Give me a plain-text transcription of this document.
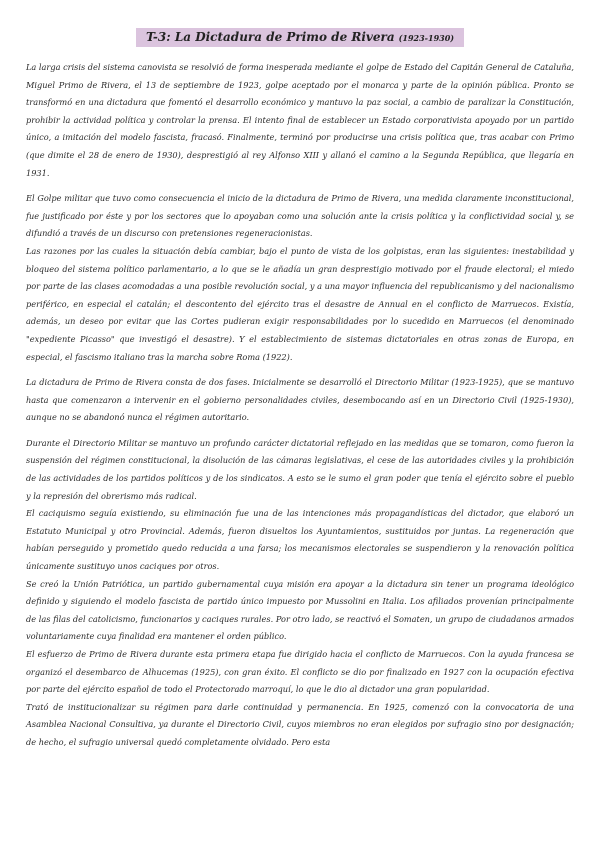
T-3: La Dictadura de Primo de Rivera (1923-1930)

La larga crisis del sistema canovista se resolvió de forma inesperada mediante el golpe de Estado del Capitán General de Cataluña, Miguel Primo de Rivera, el 13 de septiembre de 1923, golpe aceptado por el monarca y parte de la opinión pública. Pronto se transformó en una dictadura que fomentó el desarrollo económico y mantuvo la paz social, a cambio de paralizar la Constitución, prohibir la actividad política y controlar la prensa. El intento final de establecer un Estado corporativista apoyado por un partido único, a imitación del modelo fascista, fracasó. Finalmente, terminó por producirse una crisis política que, tras acabar con Primo (que dimite el 28 de enero de 1930), desprestigió al rey Alfonso XIII y allanó el camino a la Segunda República, que llegaría en 1931.

El Golpe militar que tuvo como consecuencia el inicio de la dictadura de Primo de Rivera, una medida claramente inconstitucional, fue justificado por éste y por los sectores que lo apoyaban como una solución ante la crisis política y la conflictividad social y, se difundió a través de un discurso con pretensiones regeneracionistas.

Las razones por las cuales la situación debía cambiar, bajo el punto de vista de los golpistas, eran las siguientes: inestabilidad y bloqueo del sistema político parlamentario, a lo que se le añadía un gran desprestigio motivado por el fraude electoral; el miedo por parte de las clases acomodadas a una posible revolución social, y a una mayor influencia del republicanismo y del nacionalismo periférico, en especial el catalán; el descontento del ejército tras el desastre de Annual en el conflicto de Marruecos. Existía, además, un deseo por evitar que las Cortes pudieran exigir responsabilidades por lo sucedido en Marruecos (el denominado "expediente Picasso" que investigó el desastre). Y el establecimiento de sistemas dictatoriales en otras zonas de Europa, en especial, el fascismo italiano tras la marcha sobre Roma (1922).

La dictadura de Primo de Rivera consta de dos fases. Inicialmente se desarrolló el Directorio Militar (1923-1925), que se mantuvo hasta que comenzaron a intervenir en el gobierno personalidades civiles, desembocando así en un Directorio Civil (1925-1930), aunque no se abandonó nunca el régimen autoritario.

Durante el Directorio Militar se mantuvo un profundo carácter dictatorial reflejado en las medidas que se tomaron, como fueron la suspensión del régimen constitucional, la disolución de las cámaras legislativas, el cese de las autoridades civiles y la prohibición de las actividades de los partidos políticos y de los sindicatos. A esto se le sumo el gran poder que tenía el ejército sobre el pueblo y la represión del obrerismo más radical.

El caciquismo seguía existiendo, su eliminación fue una de las intenciones más propagandísticas del dictador, que elaboró un Estatuto Municipal y otro Provincial. Además, fueron disueltos los Ayuntamientos, sustituidos por juntas. La regeneración que habían perseguido y prometido quedo reducida a una farsa; los mecanismos electorales se suspendieron y la renovación política únicamente sustituyo unos caciques por otros.

Se creó la Unión Patriótica, un partido gubernamental cuya misión era apoyar a la dictadura sin tener un programa ideológico definido y siguiendo el modelo fascista de partido único impuesto por Mussolini en Italia. Los afiliados provenían principalmente de las filas del catolicismo, funcionarios y caciques rurales. Por otro lado, se reactivó el Somaten, un grupo de ciudadanos armados voluntariamente cuya finalidad era mantener el orden público.

El esfuerzo de Primo de Rivera durante esta primera etapa fue dirigido hacia el conflicto de Marruecos. Con la ayuda francesa se organizó el desembarco de Alhucemas (1925), con gran éxito. El conflicto se dio por finalizado en 1927 con la ocupación efectiva por parte del ejército español de todo el Protectorado marroquí, lo que le dio al dictador una gran popularidad.

Trató de institucionalizar su régimen para darle continuidad y permanencia. En 1925, comenzó con la convocatoria de una Asamblea Nacional Consultiva, ya durante el Directorio Civil, cuyos miembros no eran elegidos por sufragio sino por designación; de hecho, el sufragio universal quedó completamente olvidado. Pero esta
